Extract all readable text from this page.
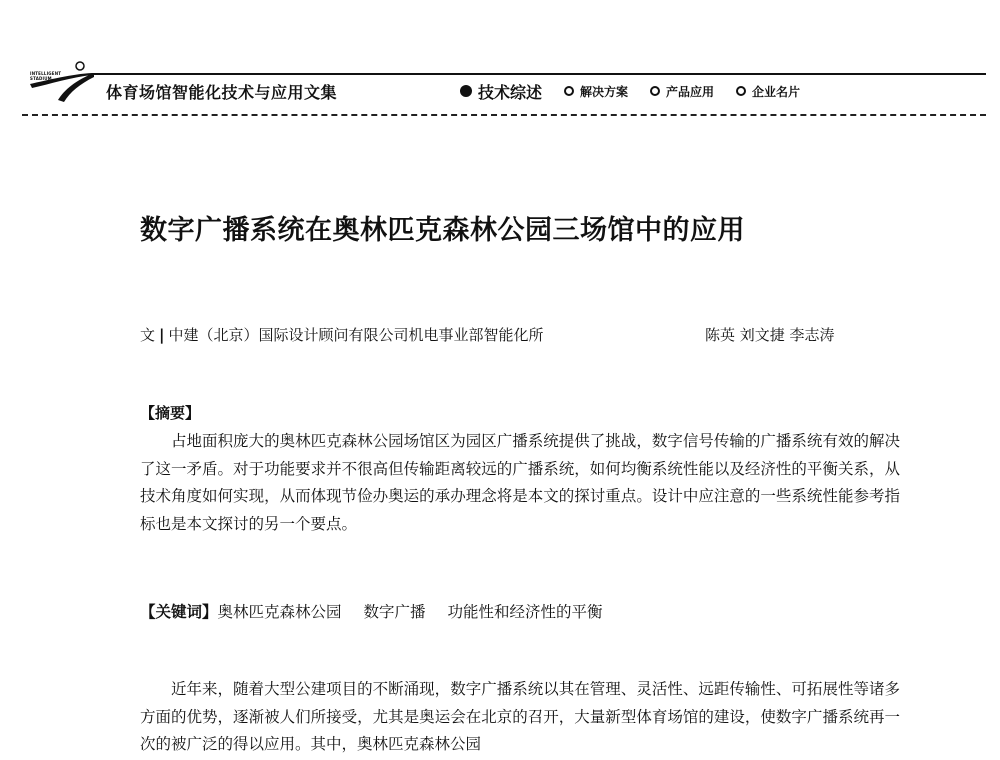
INTELLIGENT
STADIUM
体育场馆智能化技术与应用文集	技术综述	解决方案	产品应用	企业名片
数字广播系统在奥林匹克森林公园三场馆中的应用
文 | 中建（北京）国际设计顾问有限公司机电事业部智能化所	陈英 刘文捷 李志涛
【摘要】

占地面积庞大的奥林匹克森林公园场馆区为园区广播系统提供了挑战，数字信号传输的广播系统有效的解决了这一矛盾。对于功能要求并不很高但传输距离较远的广播系统，如何均衡系统性能以及经济性的平衡关系，从技术角度如何实现，从而体现节俭办奥运的承办理念将是本文的探讨重点。设计中应注意的一些系统性能参考指标也是本文探讨的另一个要点。

【关键词】奥林匹克森林公园 数字广播 功能性和经济性的平衡

近年来，随着大型公建项目的不断涌现，数字广播系统以其在管理、灵活性、远距传输性、可拓展性等诸多方面的优势，逐渐被人们所接受，尤其是奥运会在北京的召开，大量新型体育场馆的建设，使数字广播系统再一次的被广泛的得以应用。其中，奥林匹克森林公园
